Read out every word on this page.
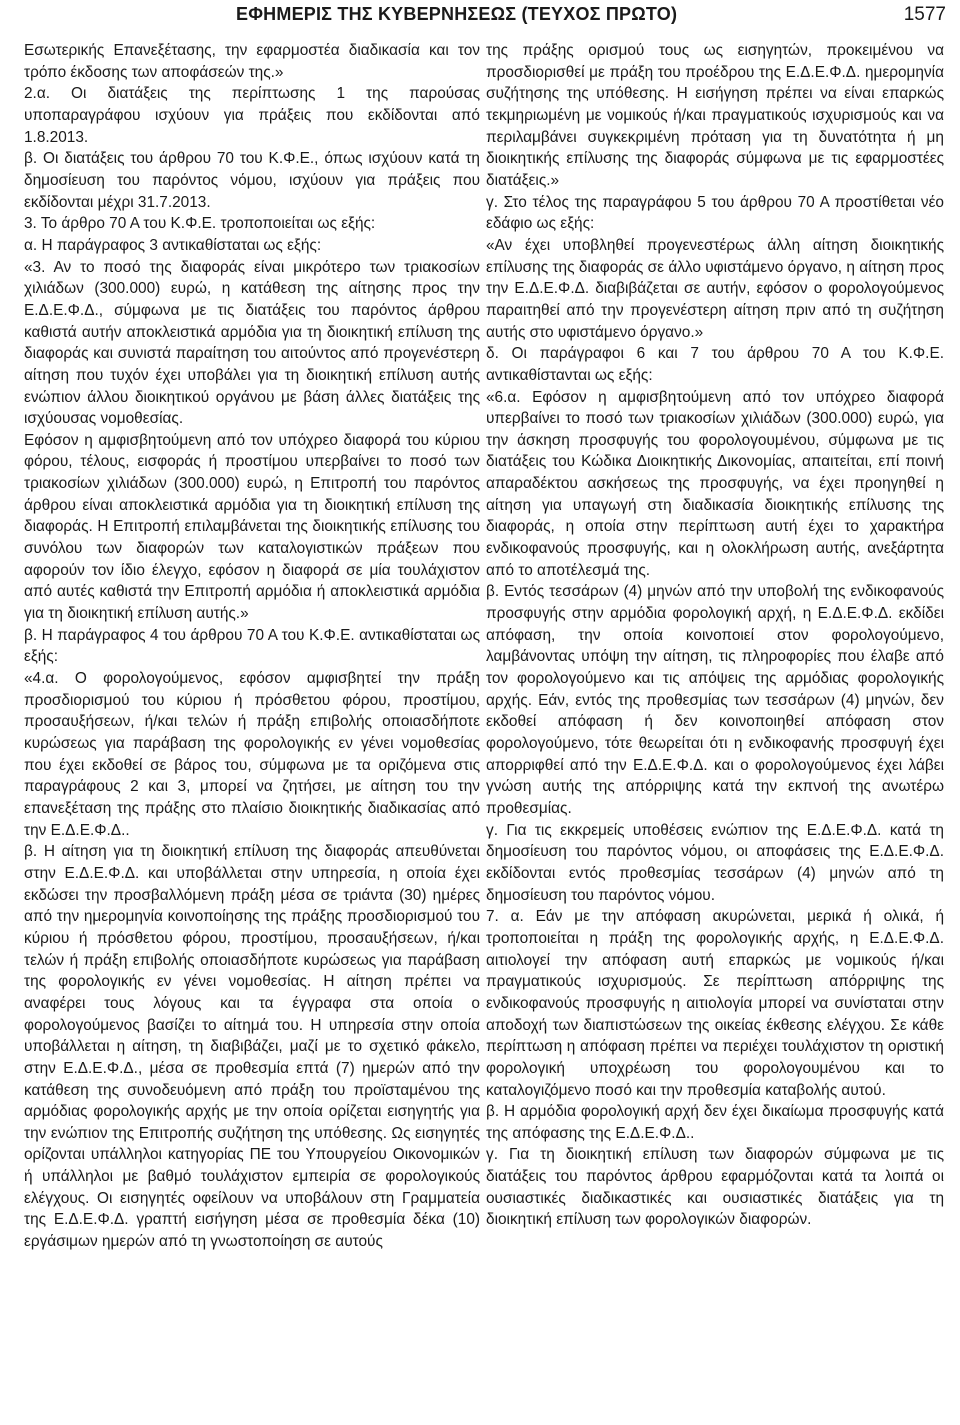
ΕΦΗΜΕΡΙΣ ΤΗΣ ΚΥΒΕΡΝΗΣΕΩΣ (ΤΕΥΧΟΣ ΠΡΩΤΟ)	1577

Εσωτερικής Επανεξέτασης, την εφαρμοστέα διαδικασία και τον τρόπο έκδοσης των αποφάσεών της.»

2.α. Οι διατάξεις της περίπτωσης 1 της παρούσας υποπαραγράφου ισχύουν για πράξεις που εκδίδονται από 1.8.2013.

β. Οι διατάξεις του άρθρου 70 του Κ.Φ.Ε., όπως ισχύουν κατά τη δημοσίευση του παρόντος νόμου, ισχύουν για πράξεις που εκδίδονται μέχρι 31.7.2013.

3. Το άρθρο 70 Α του Κ.Φ.Ε. τροποποιείται ως εξής:

α. Η παράγραφος 3 αντικαθίσταται ως εξής:

«3. Αν το ποσό της διαφοράς είναι μικρότερο των τριακοσίων χιλιάδων (300.000) ευρώ, η κατάθεση της αίτησης προς την Ε.Δ.Ε.Φ.Δ., σύμφωνα με τις διατάξεις του παρόντος άρθρου καθιστά αυτήν αποκλειστικά αρμόδια για τη διοικητική επίλυση της διαφοράς και συνιστά παραίτηση του αιτούντος από προγενέστερη αίτηση που τυχόν έχει υποβάλει για τη διοικητική επίλυση αυτής ενώπιον άλλου διοικητικού οργάνου με βάση άλλες διατάξεις της ισχύουσας νομοθεσίας.

Εφόσον η αμφισβητούμενη από τον υπόχρεο διαφορά του κύριου φόρου, τέλους, εισφοράς ή προστίμου υπερβαίνει το ποσό των τριακοσίων χιλιάδων (300.000) ευρώ, η Επιτροπή του παρόντος άρθρου είναι αποκλειστικά αρμόδια για τη διοικητική επίλυση της διαφοράς. Η Επιτροπή επιλαμβάνεται της διοικητικής επίλυσης του συνόλου των διαφορών των καταλογιστικών πράξεων που αφορούν τον ίδιο έλεγχο, εφόσον η διαφορά σε μία τουλάχιστον από αυτές καθιστά την Επιτροπή αρμόδια ή αποκλειστικά αρμόδια για τη διοικητική επίλυση αυτής.»

β. Η παράγραφος 4 του άρθρου 70 Α του Κ.Φ.Ε. αντικαθίσταται ως εξής:

«4.α. Ο φορολογούμενος, εφόσον αμφισβητεί την πράξη προσδιορισμού του κύριου ή πρόσθετου φόρου, προστίμου, προσαυξήσεων, ή/και τελών ή πράξη επιβολής οποιασδήποτε κυρώσεως για παράβαση της φορολογικής εν γένει νομοθεσίας που έχει εκδοθεί σε βάρος του, σύμφωνα με τα οριζόμενα στις παραγράφους 2 και 3, μπορεί να ζητήσει, με αίτηση του την επανεξέταση της πράξης στο πλαίσιο διοικητικής διαδικασίας από την Ε.Δ.Ε.Φ.Δ..

β. Η αίτηση για τη διοικητική επίλυση της διαφοράς απευθύνεται στην Ε.Δ.Ε.Φ.Δ. και υποβάλλεται στην υπηρεσία, η οποία έχει εκδώσει την προσβαλλόμενη πράξη μέσα σε τριάντα (30) ημέρες από την ημερομηνία κοινοποίησης της πράξης προσδιορισμού του κύριου ή πρόσθετου φόρου, προστίμου, προσαυξήσεων, ή/και τελών ή πράξη επιβολής οποιασδήποτε κυρώσεως για παράβαση της φορολογικής εν γένει νομοθεσίας. Η αίτηση πρέπει να αναφέρει τους λόγους και τα έγγραφα στα οποία ο φορολογούμενος βασίζει το αίτημά του. Η υπηρεσία στην οποία υποβάλλεται η αίτηση, τη διαβιβάζει, μαζί με το σχετικό φάκελο, στην Ε.Δ.Ε.Φ.Δ., μέσα σε προθεσμία επτά (7) ημερών από την κατάθεση της συνοδευόμενη από πράξη του προϊσταμένου της αρμόδιας φορολογικής αρχής με την οποία ορίζεται εισηγητής για την ενώπιον της Επιτροπής συζήτηση της υπόθεσης. Ως εισηγητές ορίζονται υπάλληλοι κατηγορίας ΠΕ του Υπουργείου Οικονομικών ή υπάλληλοι με βαθμό τουλάχιστον εμπειρία σε φορολογικούς ελέγχους. Οι εισηγητές οφείλουν να υποβάλουν στη Γραμματεία της Ε.Δ.Ε.Φ.Δ. γραπτή εισήγηση μέσα σε προθεσμία δέκα (10) εργάσιμων ημερών από τη γνωστοποίηση σε αυτούς

της πράξης ορισμού τους ως εισηγητών, προκειμένου να προσδιορισθεί με πράξη του προέδρου της Ε.Δ.Ε.Φ.Δ. ημερομηνία συζήτησης της υπόθεσης. Η εισήγηση πρέπει να είναι επαρκώς τεκμηριωμένη με νομικούς ή/και πραγματικούς ισχυρισμούς και να περιλαμβάνει συγκεκριμένη πρόταση για τη δυνατότητα ή μη διοικητικής επίλυσης της διαφοράς σύμφωνα με τις εφαρμοστέες διατάξεις.»

γ. Στο τέλος της παραγράφου 5 του άρθρου 70 Α προστίθεται νέο εδάφιο ως εξής:

«Αν έχει υποβληθεί προγενεστέρως άλλη αίτηση διοικητικής επίλυσης της διαφοράς σε άλλο υφιστάμενο όργανο, η αίτηση προς την Ε.Δ.Ε.Φ.Δ. διαβιβάζεται σε αυτήν, εφόσον ο φορολογούμενος παραιτηθεί από την προγενέστερη αίτηση πριν από τη συζήτηση αυτής στο υφιστάμενο όργανο.»

δ. Οι παράγραφοι 6 και 7 του άρθρου 70 Α του Κ.Φ.Ε. αντικαθίστανται ως εξής:

«6.α. Εφόσον η αμφισβητούμενη από τον υπόχρεο διαφορά υπερβαίνει το ποσό των τριακοσίων χιλιάδων (300.000) ευρώ, για την άσκηση προσφυγής του φορολογουμένου, σύμφωνα με τις διατάξεις του Κώδικα Διοικητικής Δικονομίας, απαιτείται, επί ποινή απαραδέκτου ασκήσεως της προσφυγής, να έχει προηγηθεί η αίτηση για υπαγωγή στη διαδικασία διοικητικής επίλυσης της διαφοράς, η οποία στην περίπτωση αυτή έχει το χαρακτήρα ενδικοφανούς προσφυγής, και η ολοκλήρωση αυτής, ανεξάρτητα από το αποτέλεσμά της.

β. Εντός τεσσάρων (4) μηνών από την υποβολή της ενδικοφανούς προσφυγής στην αρμόδια φορολογική αρχή, η Ε.Δ.Ε.Φ.Δ. εκδίδει απόφαση, την οποία κοινοποιεί στον φορολογούμενο, λαμβάνοντας υπόψη την αίτηση, τις πληροφορίες που έλαβε από τον φορολογούμενο και τις απόψεις της αρμόδιας φορολογικής αρχής. Εάν, εντός της προθεσμίας των τεσσάρων (4) μηνών, δεν εκδοθεί απόφαση ή δεν κοινοποιηθεί απόφαση στον φορολογούμενο, τότε θεωρείται ότι η ενδικοφανής προσφυγή έχει απορριφθεί από την Ε.Δ.Ε.Φ.Δ. και ο φορολογούμενος έχει λάβει γνώση αυτής της απόρριψης κατά την εκπνοή της ανωτέρω προθεσμίας.

γ. Για τις εκκρεμείς υποθέσεις ενώπιον της Ε.Δ.Ε.Φ.Δ. κατά τη δημοσίευση του παρόντος νόμου, οι αποφάσεις της Ε.Δ.Ε.Φ.Δ. εκδίδονται εντός προθεσμίας τεσσάρων (4) μηνών από τη δημοσίευση του παρόντος νόμου.

7. α. Εάν με την απόφαση ακυρώνεται, μερικά ή ολικά, ή τροποποιείται η πράξη της φορολογικής αρχής, η Ε.Δ.Ε.Φ.Δ. αιτιολογεί την απόφαση αυτή επαρκώς με νομικούς ή/και πραγματικούς ισχυρισμούς. Σε περίπτωση απόρριψης της ενδικοφανούς προσφυγής η αιτιολογία μπορεί να συνίσταται στην αποδοχή των διαπιστώσεων της οικείας έκθεσης ελέγχου. Σε κάθε περίπτωση η απόφαση πρέπει να περιέχει τουλάχιστον τη οριστική φορολογική υποχρέωση του φορολογουμένου και το καταλογιζόμενο ποσό και την προθεσμία καταβολής αυτού.

β. Η αρμόδια φορολογική αρχή δεν έχει δικαίωμα προσφυγής κατά της απόφασης της Ε.Δ.Ε.Φ.Δ..

γ. Για τη διοικητική επίλυση των διαφορών σύμφωνα με τις διατάξεις του παρόντος άρθρου εφαρμόζονται κατά τα λοιπά οι ουσιαστικές διαδικαστικές και ουσιαστικές διατάξεις για τη διοικητική επίλυση των φορολογικών διαφορών.
